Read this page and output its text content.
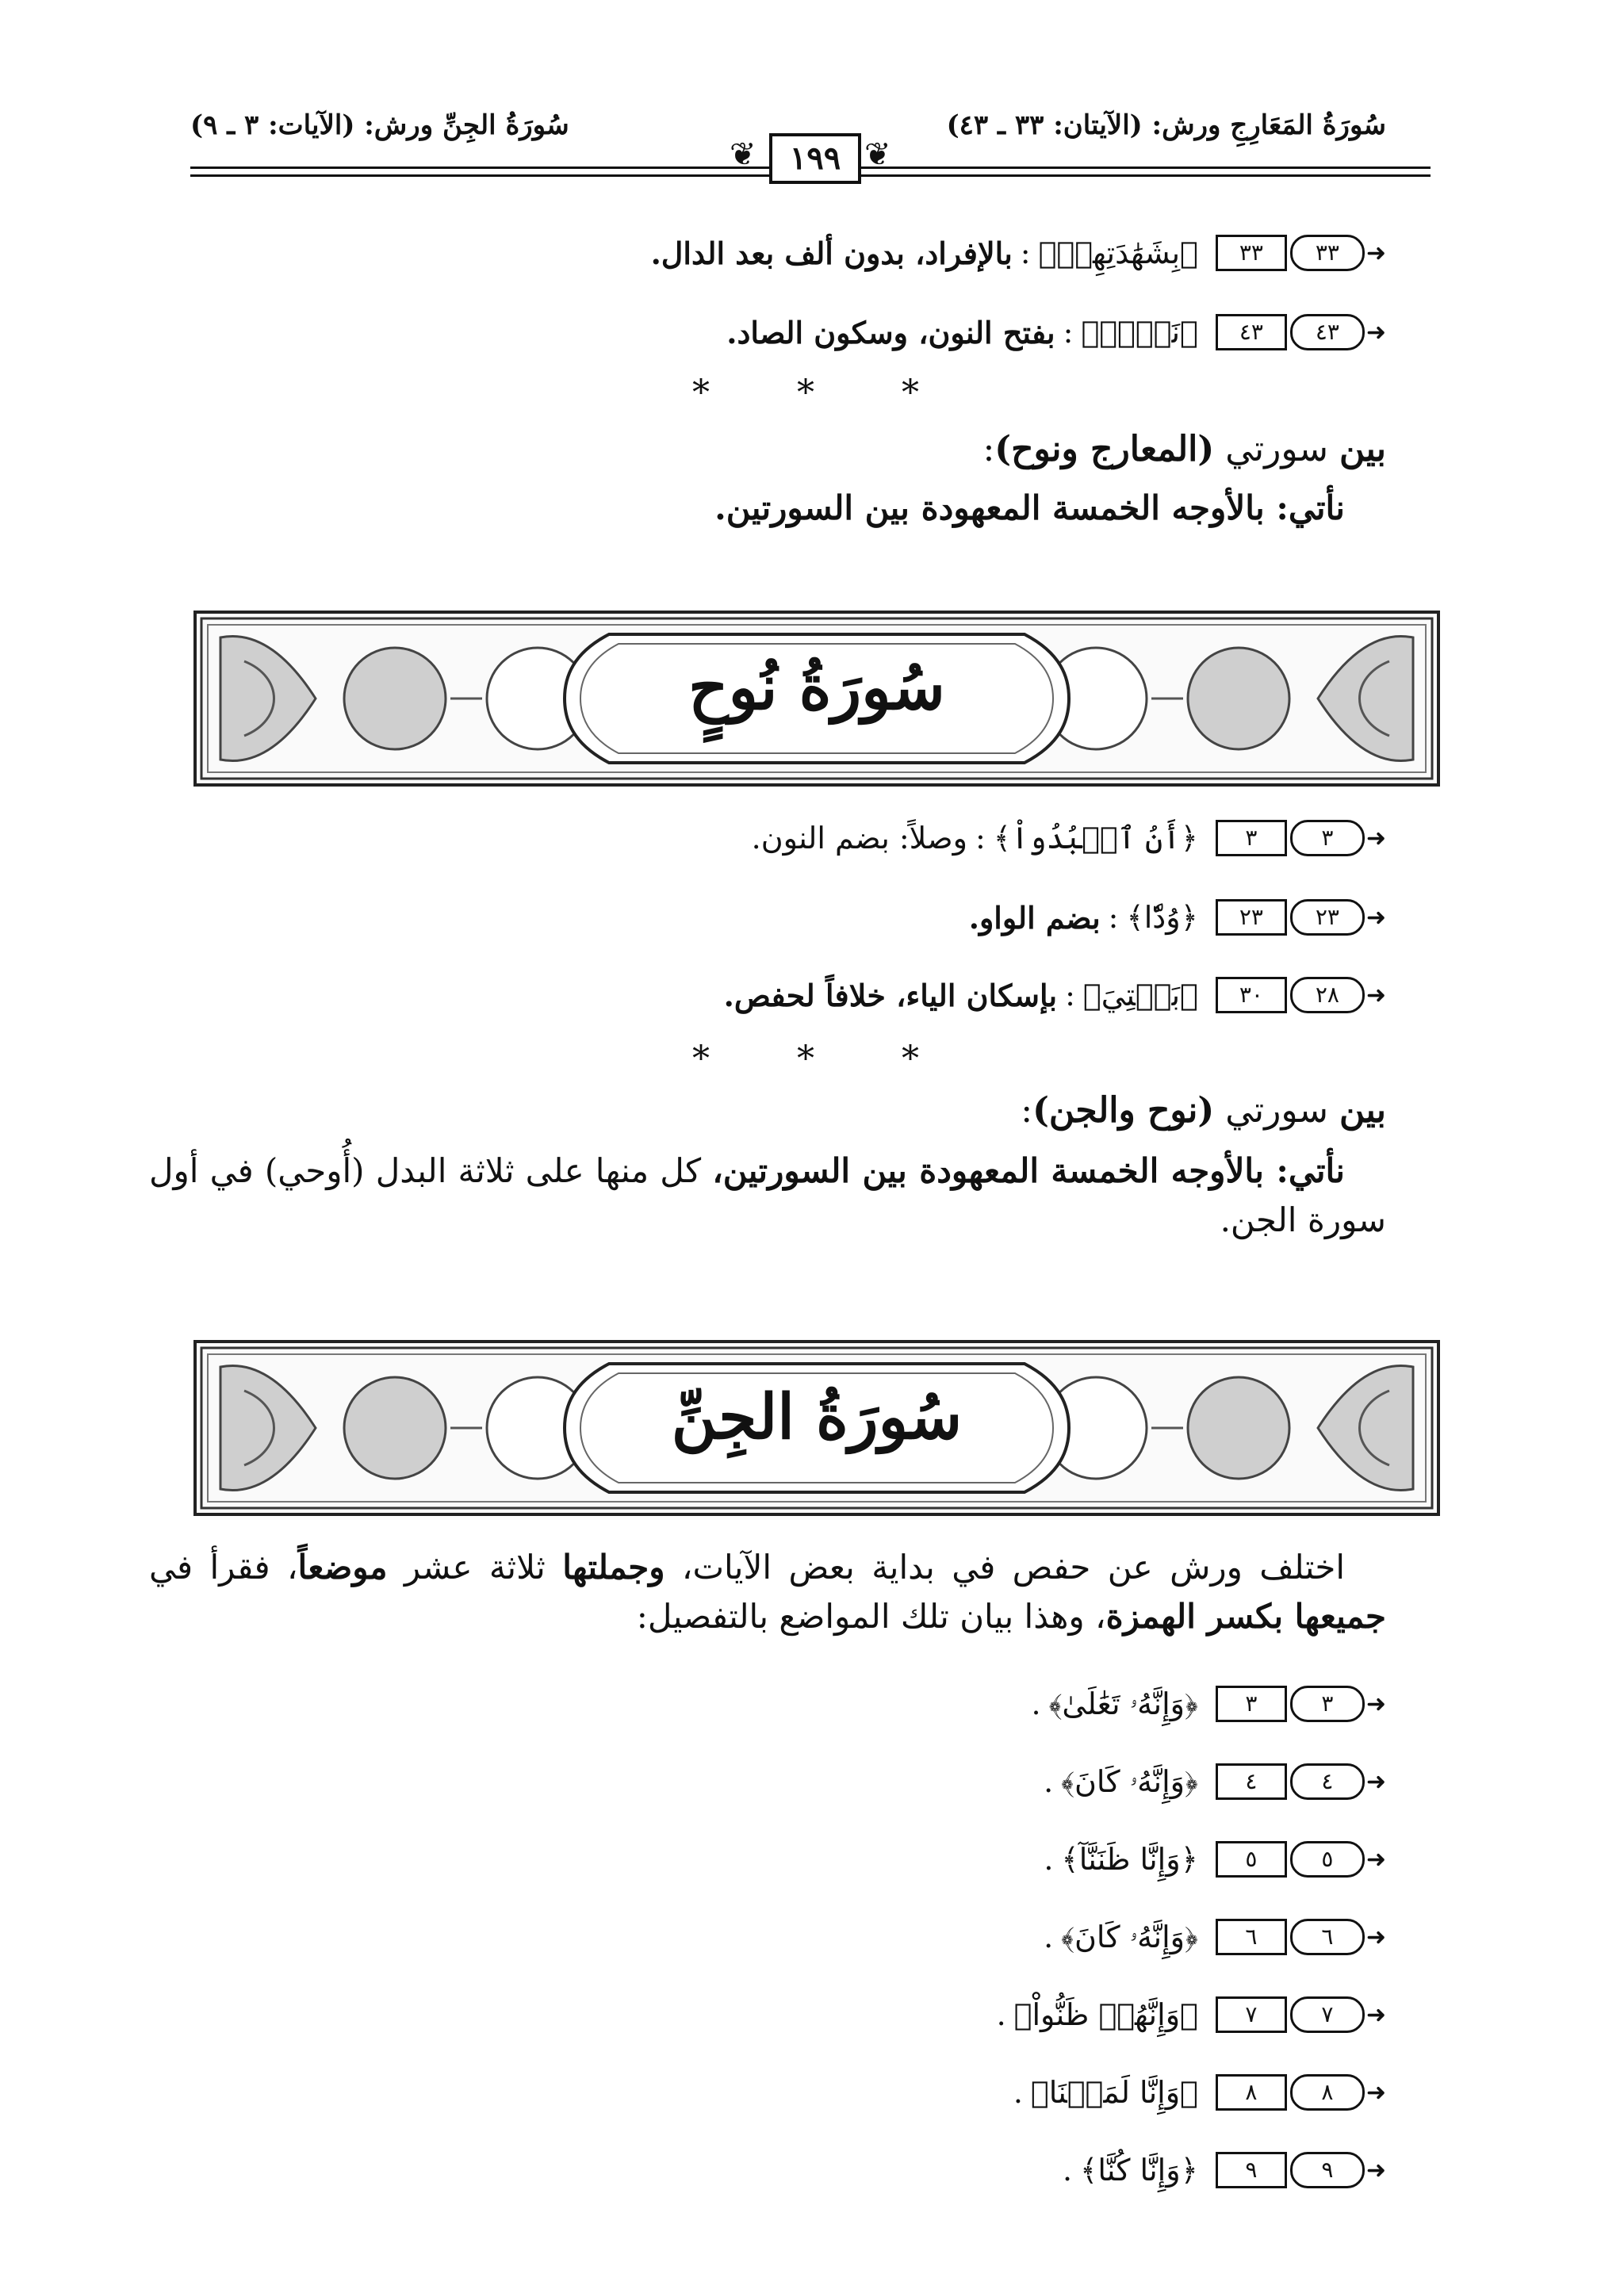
سُورَةُ المَعَارِجِ ورش: (الآيتان: ٣٣ ـ ٤٣)
سُورَةُ الجِنِّ ورش: (الآيات: ٣ ـ ٩)
❦	❦
١٩٩
➜
٣٣
٣٣
﴿بِشَهَٰدَتِهِمۡ﴾
:
بالإفراد، بدون ألف بعد الدال.
➜
٤٣
٤٣
﴿نَصۡبٖ﴾
:
بفتح النون، وسكون الصاد.
* * *
بين سورتي (المعارج ونوح):
نأتي: بالأوجه الخمسة المعهودة بين السورتين.
سُورَةُ نُوحٍ
➜
٣
٣
﴿أَنُ ٱعۡبُدُواْ﴾
:
وصلاً: بضم النون.
➜
٢٣
٢٣
﴿وُدّٗا﴾
:
بضم الواو.
➜
٢٨
٣٠
﴿بَيۡتِيَ﴾
:
بإسكان الياء، خلافاً لحفص.
* * *
بين سورتي (نوح والجن):
نأتي: بالأوجه الخمسة المعهودة بين السورتين، كل منها على ثلاثة البدل (أُوحي) في أول سورة الجن.
سُورَةُ الجِنِّ
اختلف ورش عن حفص في بداية بعض الآيات، وجملتها ثلاثة عشر موضعاً، فقرأ في جميعها بكسر الهمزة، وهذا بيان تلك المواضع بالتفصيل:
➜
٣
٣
﴿وَإِنَّهُۥ تَعَٰلَىٰ﴾
.
➜
٤
٤
﴿وَإِنَّهُۥ كَانَ﴾
.
➜
٥
٥
﴿وَإِنَّا ظَنَنَّآ﴾
.
➜
٦
٦
﴿وَإِنَّهُۥ كَانَ﴾
.
➜
٧
٧
﴿وَإِنَّهُمۡ ظَنُّواْ﴾
.
➜
٨
٨
﴿وَإِنَّا لَمَسۡنَا﴾
.
➜
٩
٩
﴿وَإِنَّا كُنَّا﴾
.
